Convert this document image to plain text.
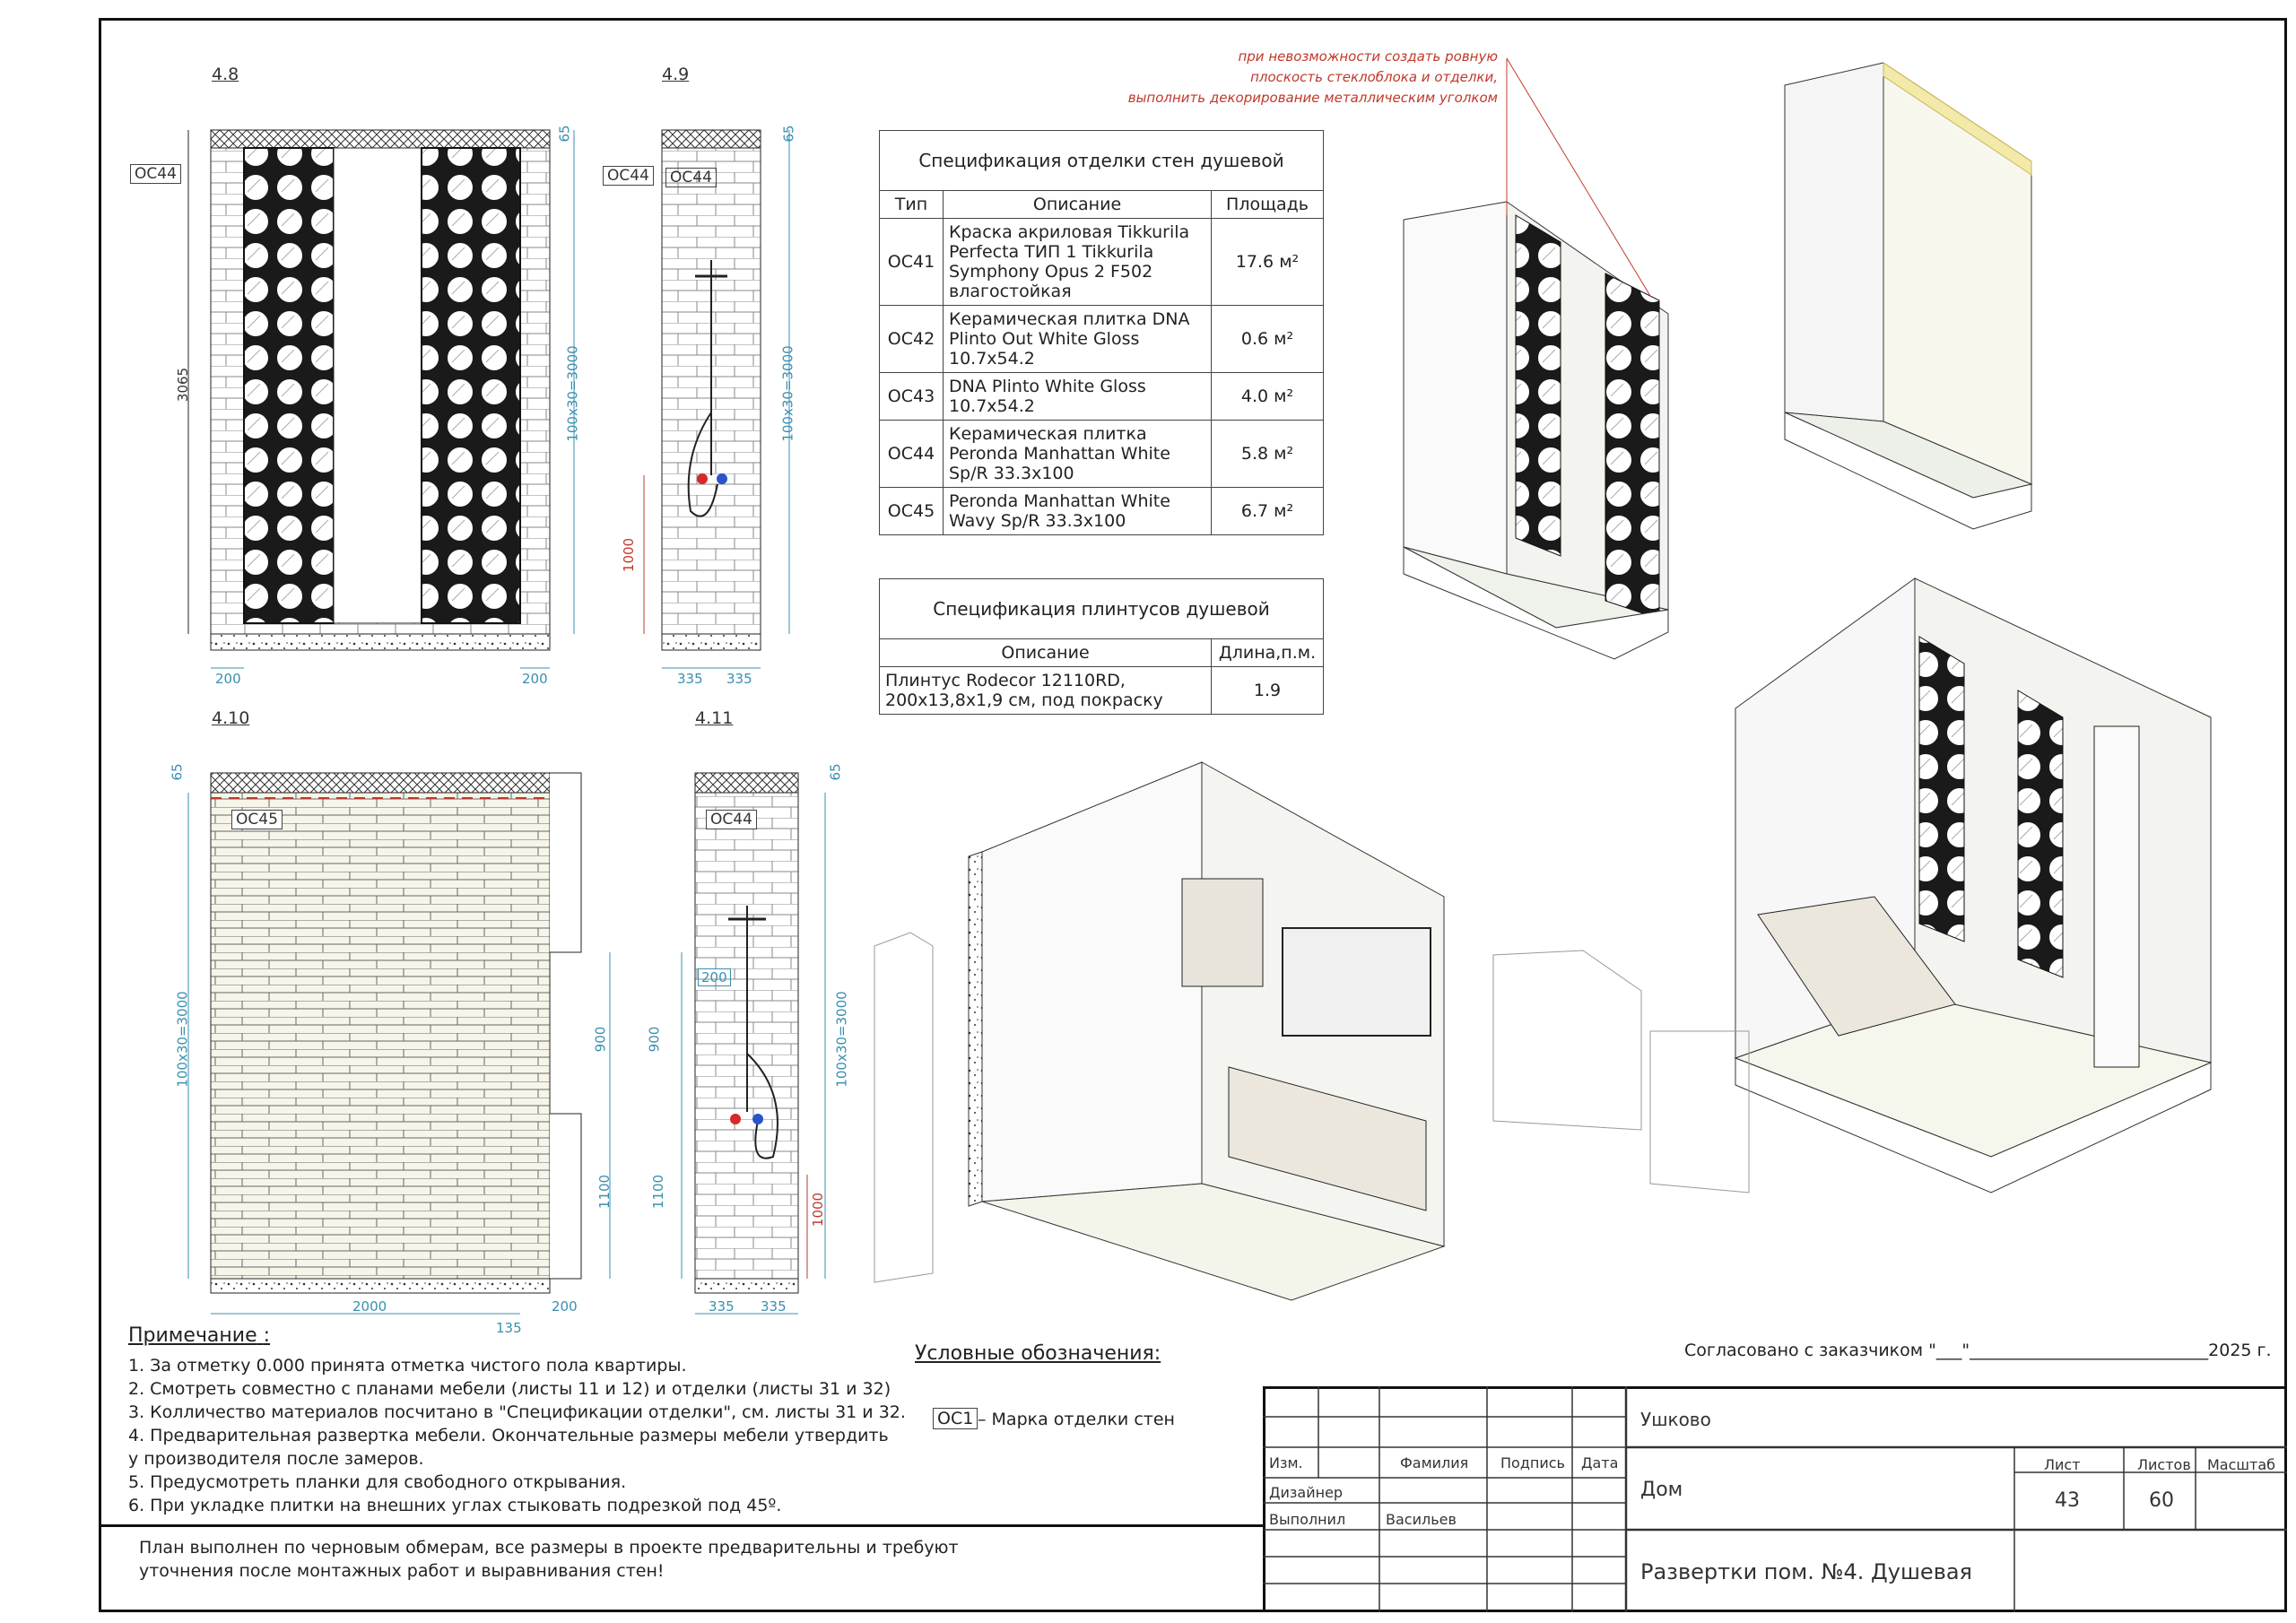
4.8	4.9
4.10	4.11
OC44	OC44 OC44
OC45	OC44
3065
65
100х30=3000
200	200
65
100х30=3000
1000
335 335
65
100х30=3000	900
1100
2000	200
135
65
100х30=3000
200
900
1100
1000
335 335
при невозможности создать ровную
плоскость стеклоблока и отделки,
выполнить декорирование металлическим уголком
Спецификация отделки стен душевой		
Тип	Описание	Площадь
ОС41	Краска акриловая Tikkurila Perfecta ТИП 1 Tikkurila Symphony Opus 2 F502 влагостойкая	17.6 м²
ОС42	Керамическая плитка DNA Plinto Out White Gloss 10.7x54.2	0.6 м²
ОС43	DNA Plinto White Gloss 10.7x54.2	4.0 м²
ОС44	Керамическая плитка Peronda Manhattan White Sp/R 33.3x100	5.8 м²
ОС45	Peronda Manhattan White Wavy Sp/R 33.3x100	6.7 м²
Спецификация плинтусов душевой	
Описание	Длина,п.м.
Плинтус Rodecor 12110RD, 200x13,8x1,9 см, под покраску	1.9
Примечание :
1. За отметку 0.000 принята отметка чистого пола квартиры.
2. Смотреть совместно с планами мебели (листы 11 и 12) и отделки (листы 31 и 32)
3. Колличество материалов посчитано в "Спецификации отделки", см. листы 31 и 32.
4. Предварительная развертка мебели. Окончательные размеры мебели утвердить
у производителя после замеров.
5. Предусмотреть планки для свободного открывания.
6. При укладке плитки на внешних углах стыковать подрезкой под 45º.
Условные обозначения:
OC1 – Марка отделки стен
Согласовано с заказчиком "___"____________________________2025 г.
План выполнен по черновым обмерам, все размеры в проекте предварительны и требуют
уточнения после монтажных работ и выравнивания стен!
Изм.	Фамилия Подпись Дата
Дизайнер
Выполнил	Васильев
Ушково
Дом
Развертки пом. №4. Душевая
Лист	Листов Масштаб
43	60
